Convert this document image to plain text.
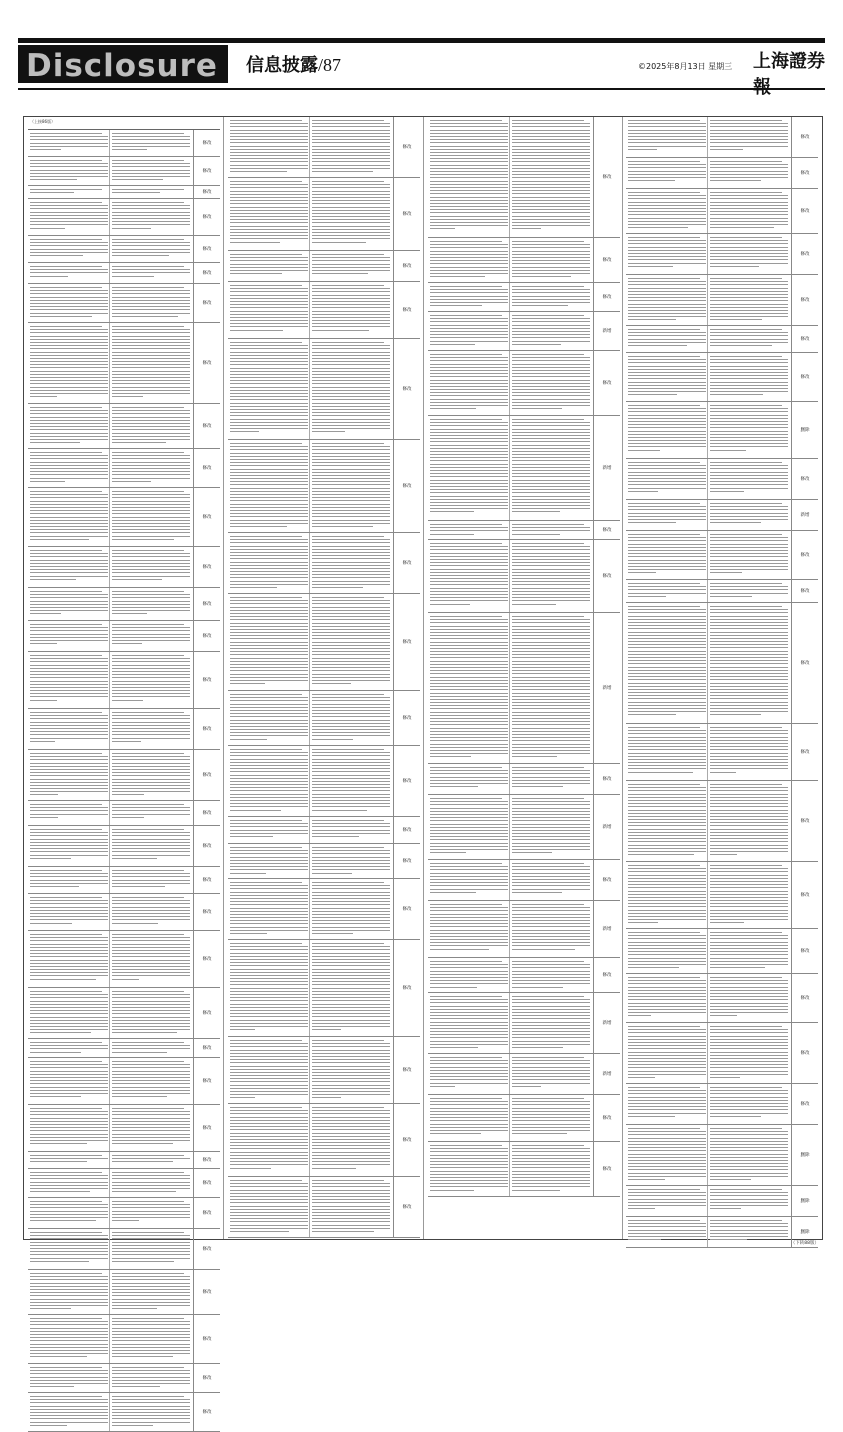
Disclosure 信息披露/87	©2025年8月13日 星期三 上海證券報
（上接86版）
修改
修改
修改
修改
修改
修改
修改
修改
修改
修改
修改
修改
修改
修改
修改
修改
修改
修改
修改
修改
修改
修改
修改
修改
修改
修改
修改
修改
修改
修改
修改
修改
修改
修改
修改
修改
修改
修改
修改
修改
修改
修改
修改
修改
修改
修改
修改
修改
修改
修改
修改
修改
修改
修改
新增
修改
新增
修改
修改
新增
修改
新增
修改
新增
修改
新增
新增
修改
修改
修改
修改
修改
修改
修改
修改
修改
删除
修改
新增
修改
修改
修改
修改
修改
修改
修改
修改
修改
修改
删除
删除
删除
（下转88版）
